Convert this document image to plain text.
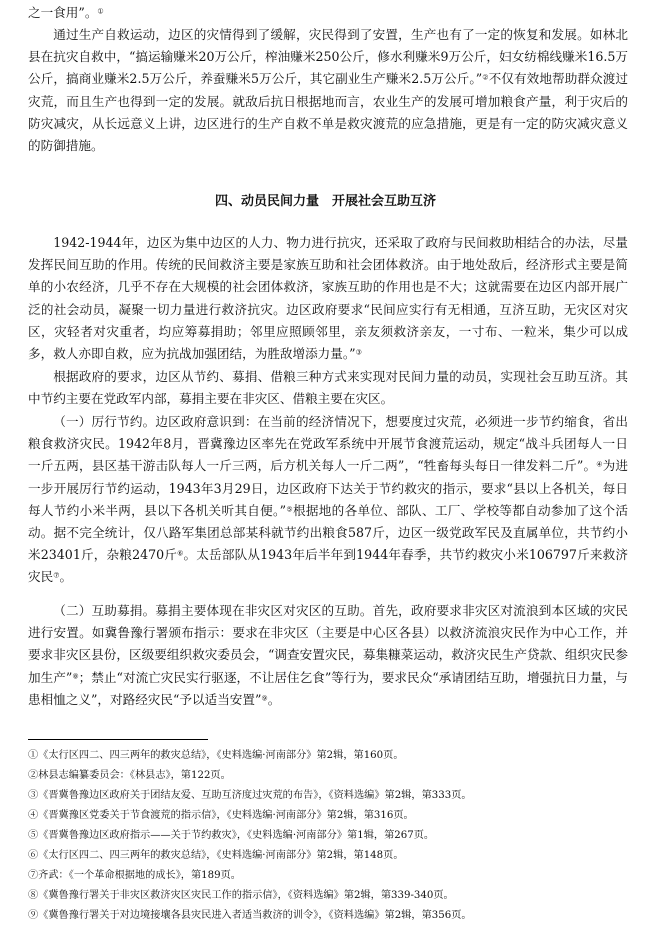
之一食用”。①

通过生产自救运动，边区的灾情得到了缓解，灾民得到了安置，生产也有了一定的恢复和发展。如林北县在抗灾自救中，“搞运输赚米20万公斤，榨油赚米250公斤，修水利赚米9万公斤，妇女纺棉线赚米16.5万公斤，搞商业赚米2.5万公斤，养蚕赚米5万公斤，其它副业生产赚米2.5万公斤。”②不仅有效地帮助群众渡过灾荒，而且生产也得到一定的发展。就敌后抗日根据地而言，农业生产的发展可增加粮食产量，利于灾后的防灾减灾，从长远意义上讲，边区进行的生产自救不单是救灾渡荒的应急措施，更是有一定的防灾减灾意义的防御措施。

四、动员民间力量　开展社会互助互济

1942-1944年，边区为集中边区的人力、物力进行抗灾，还采取了政府与民间救助相结合的办法，尽量发挥民间互助的作用。传统的民间救济主要是家族互助和社会团体救济。由于地处敌后，经济形式主要是简单的小农经济，几乎不存在大规模的社会团体救济，家族互助的作用也是不大；这就需要在边区内部开展广泛的社会动员，凝聚一切力量进行救济抗灾。边区政府要求“民间应实行有无相通，互济互助，无灾区对灾区，灾轻者对灾重者，均应筹募捐助；邻里应照顾邻里，亲友须救济亲友，一寸布、一粒米，集少可以成多，救人亦即自救，应为抗战加强团结，为胜敌增添力量。”③

根据政府的要求，边区从节约、募捐、借粮三种方式来实现对民间力量的动员，实现社会互助互济。其中节约主要在党政军内部，募捐主要在非灾区、借粮主要在灾区。

（一）厉行节约。边区政府意识到：在当前的经济情况下，想要度过灾荒，必须进一步节约缩食，省出粮食救济灾民。1942年8月，晋冀豫边区率先在党政军系统中开展节食渡荒运动，规定“战斗兵团每人一日一斤五两，县区基干游击队每人一斤三两，后方机关每人一斤二两”，“牲畜每头每日一律发料二斤”。④为进一步开展厉行节约运动，1943年3月29日，边区政府下达关于节约救灾的指示，要求“县以上各机关，每日每人节约小米半两，县以下各机关听其自便。”⑤根据地的各单位、部队、工厂、学校等都自动参加了这个活动。据不完全统计，仅八路军集团总部某科就节约出粮食587斤，边区一级党政军民及直属单位，共节约小米23401斤，杂粮2470斤⑥。太岳部队从1943年后半年到1944年春季，共节约救灾小米106797斤来救济灾民⑦。

（二）互助募捐。募捐主要体现在非灾区对灾区的互助。首先，政府要求非灾区对流浪到本区域的灾民进行安置。如冀鲁豫行署颁布指示：要求在非灾区（主要是中心区各县）以救济流浪灾民作为中心工作，并要求非灾区县份，区级要组织救灾委员会，“调查安置灾民，募集糠菜运动，救济灾民生产贷款、组织灾民参加生产”⑧；禁止“对流亡灾民实行驱逐，不让居住乞食”等行为，要求民众“承请团结互助，增强抗日力量，与患相恤之义”，对路经灾民“予以适当安置”⑨。

①《太行区四二、四三两年的救灾总结》，《史料选编·河南部分》第2辑，第160页。

②林县志编纂委员会：《林县志》，第122页。

③《晋冀鲁豫边区政府关于团结友爱、互助互济度过灾荒的布告》，《资料选编》第2辑，第333页。

④《晋冀豫区党委关于节食渡荒的指示信》，《史料选编·河南部分》第2辑，第316页。

⑤《晋冀鲁豫边区政府指示——关于节约救灾》，《史料选编·河南部分》第1辑，第267页。

⑥《太行区四二、四三两年的救灾总结》，《史料选编·河南部分》第2辑，第148页。

⑦齐武：《一个革命根据地的成长》，第189页。

⑧《冀鲁豫行署关于非灾区救济灾区灾民工作的指示信》，《资料选编》第2辑，第339-340页。

⑨《冀鲁豫行署关于对边境接壤各县灾民进入者适当救济的训令》，《资料选编》第2辑，第356页。
